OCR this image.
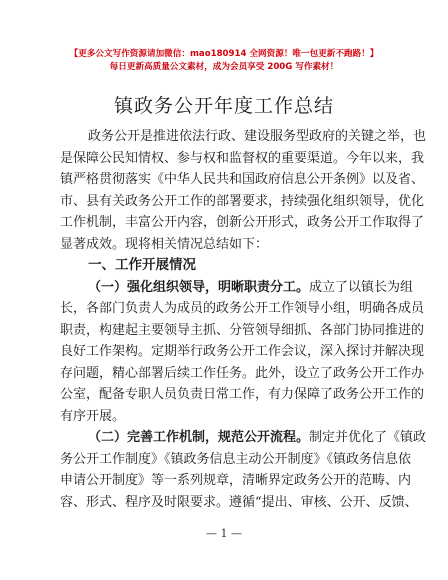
【更多公文写作资源请加微信：mao180914 全网资源！唯一包更新不跑路！】
每日更新高质量公文素材，成为会员享受 200G 写作素材！
镇政务公开年度工作总结
政务公开是推进依法行政、建设服务型政府的关键之举，也
是保障公民知情权、参与权和监督权的重要渠道。今年以来，我
镇严格贯彻落实《中华人民共和国政府信息公开条例》以及省、
市、县有关政务公开工作的部署要求，持续强化组织领导，优化
工作机制，丰富公开内容，创新公开形式，政务公开工作取得了
显著成效。现将相关情况总结如下：
一、工作开展情况
（一）强化组织领导，明晰职责分工。成立了以镇长为组
长，各部门负责人为成员的政务公开工作领导小组，明确各成员
职责，构建起主要领导主抓、分管领导细抓、各部门协同推进的
良好工作架构。定期举行政务公开工作会议，深入探讨并解决现
存问题，精心部署后续工作任务。此外，设立了政务公开工作办
公室，配备专职人员负责日常工作，有力保障了政务公开工作的
有序开展。
（二）完善工作机制，规范公开流程。制定并优化了《镇政
务公开工作制度》《镇政务信息主动公开制度》《镇政务信息依
申请公开制度》等一系列规章，清晰界定政务公开的范畴、内
容、形式、程序及时限要求。遵循“提出、审核、公开、反馈、
— 1 —
